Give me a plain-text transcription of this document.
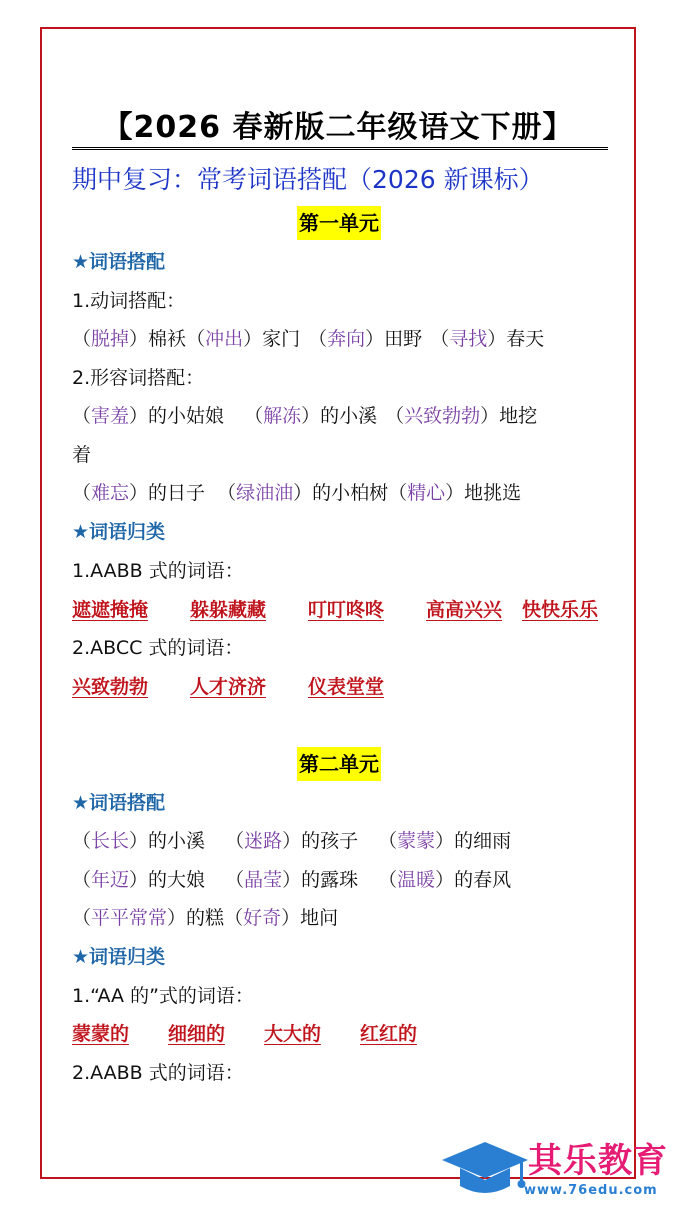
【2026 春新版二年级语文下册】
期中复习：常考词语搭配（2026 新课标）
第一单元
★词语搭配
1.动词搭配：
（脱掉）棉袄（冲出）家门 （奔向）田野 （寻找）春天
2.形容词搭配：
（害羞）的小姑娘 （解冻）的小溪 （兴致勃勃）地挖
着
（难忘）的日子 （绿油油）的小柏树（精心）地挑选
★词语归类
1.AABB 式的词语：
遮遮掩掩 躲躲藏藏 叮叮咚咚 高高兴兴 快快乐乐
2.ABCC 式的词语：
兴致勃勃 人才济济 仪表堂堂
第二单元
★词语搭配
（长长）的小溪 （迷路）的孩子 （蒙蒙）的细雨
（年迈）的大娘 （晶莹）的露珠 （温暖）的春风
（平平常常）的糕（好奇）地问
★词语归类
1.“AA 的”式的词语：
蒙蒙的 细细的 大大的 红红的
2.AABB 式的词语：
其乐教育
www.76edu.com
